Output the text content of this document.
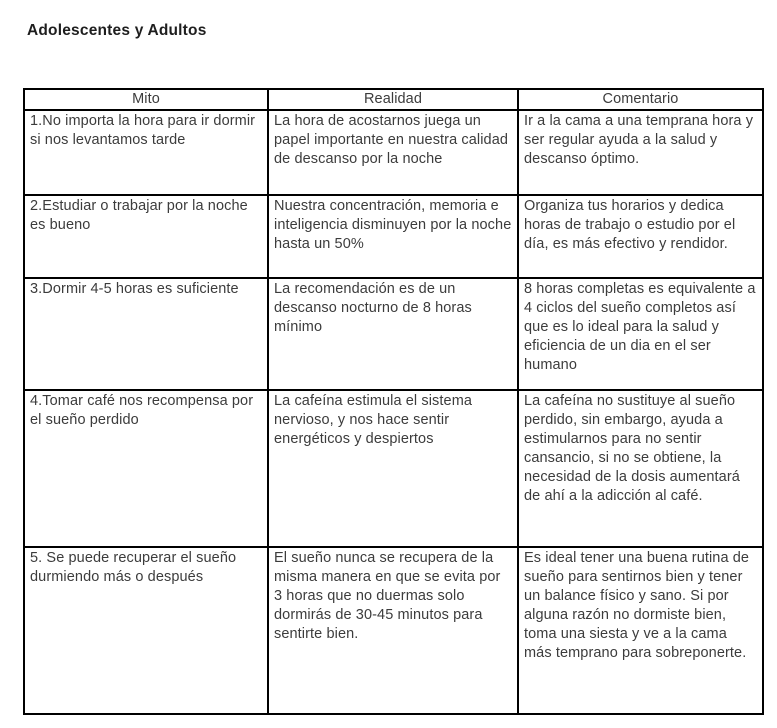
Adolescentes y Adultos
Mito	Realidad	Comentario
1.No importa la hora para ir dormir si nos levantamos tarde	La hora de acostarnos juega un papel importante en nuestra calidad de descanso por la noche	Ir a la cama a una temprana hora y ser regular ayuda a la salud y descanso óptimo.
2.Estudiar o trabajar por la noche es bueno	Nuestra concentración, memoria e inteligencia disminuyen por la noche hasta un 50%	Organiza tus horarios y dedica horas de trabajo o estudio por el día, es más efectivo y rendidor.
3.Dormir 4-5 horas es suficiente	La recomendación es de un descanso nocturno de 8 horas mínimo	8 horas completas es equivalente a 4 ciclos del sueño completos así que es lo ideal para la salud y eficiencia de un dia en el ser humano
4.Tomar café nos recompensa por el sueño perdido	La cafeína estimula el sistema nervioso, y nos hace sentir energéticos y despiertos	La cafeína no sustituye al sueño perdido, sin embargo, ayuda a estimularnos para no sentir cansancio, si no se obtiene, la necesidad de la dosis aumentará de ahí a la adicción al café.
5. Se puede recuperar el sueño durmiendo más o después	El sueño nunca se recupera de la misma manera en que se evita por 3 horas que no duermas solo dormirás de 30-45 minutos para sentirte bien.	Es ideal tener una buena rutina de sueño para sentirnos bien y tener un balance físico y sano. Si por alguna razón no dormiste bien, toma una siesta y ve a la cama más temprano para sobreponerte.
